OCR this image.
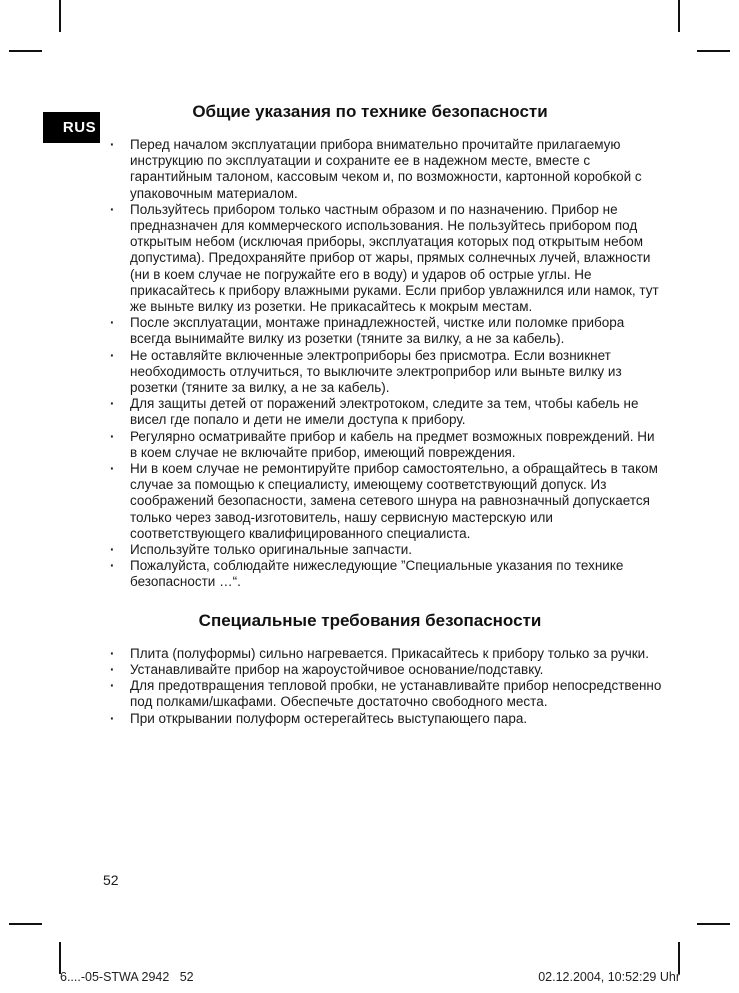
RUS
Общие указания по технике безопасности
· Перед началом эксплуатации прибора внимательно прочитайте прилагаемую инструкцию по эксплуатации и сохраните ее в надежном месте, вместе с гарантийным талоном, кассовым чеком и, по возможности, картонной коробкой с упаковочным материалом.
· Пользуйтесь прибором только частным образом и по назначению. Прибор не предназначен для коммерческого использования. Не пользуйтесь прибором под открытым небом (исключая приборы, эксплуатация которых под открытым небом допустима). Предохраняйте прибор от жары, прямых солнечных лучей, влажности (ни в коем случае не погружайте его в воду) и ударов об острые углы. Не прикасайтесь к прибору влажными руками. Если прибор увлажнился или намок, тут же выньте вилку из розетки. Не прикасайтесь к мокрым местам.
· После эксплуатации, монтаже принадлежностей, чистке или поломке прибора всегда вынимайте вилку из розетки (тяните за вилку, а не за кабель).
· Не оставляйте включенные электроприборы без присмотра. Если возникнет необходимость отлучиться, то выключите электроприбор или выньте вилку из розетки (тяните за вилку, а не за кабель).
· Для защиты детей от поражений электротоком, следите за тем, чтобы кабель не висел где попало и дети не имели доступа к прибору.
· Регулярно осматривайте прибор и кабель на предмет возможных повреждений. Ни в коем случае не включайте прибор, имеющий повреждения.
· Ни в коем случае не ремонтируйте прибор самостоятельно, а обращайтесь в таком случае за помощью к специалисту, имеющему соответствующий допуск. Из соображений безопасности, замена сетевого шнура на равнозначный допускается только через завод-изготовитель, нашу сервисную мастерскую или соответствующего квалифицированного специалиста.
· Используйте только оригинальные запчасти.
· Пожалуйста, соблюдайте нижеследующие ”Специальные указания по технике безопасности …“.
Специальные требования безопасности
· Плита (полуформы) сильно нагревается. Прикасайтесь к прибору только за ручки.
· Устанавливайте прибор на жароустойчивое основание/подставку.
· Для предотвращения тепловой пробки, не устанавливайте прибор непосредственно под полками/шкафами. Обеспечьте достаточно свободного места.
· При открывании полуформ остерегайтесь выступающего пара.
52
6....-05-STWA 2942   52	02.12.2004, 10:52:29 Uhr
